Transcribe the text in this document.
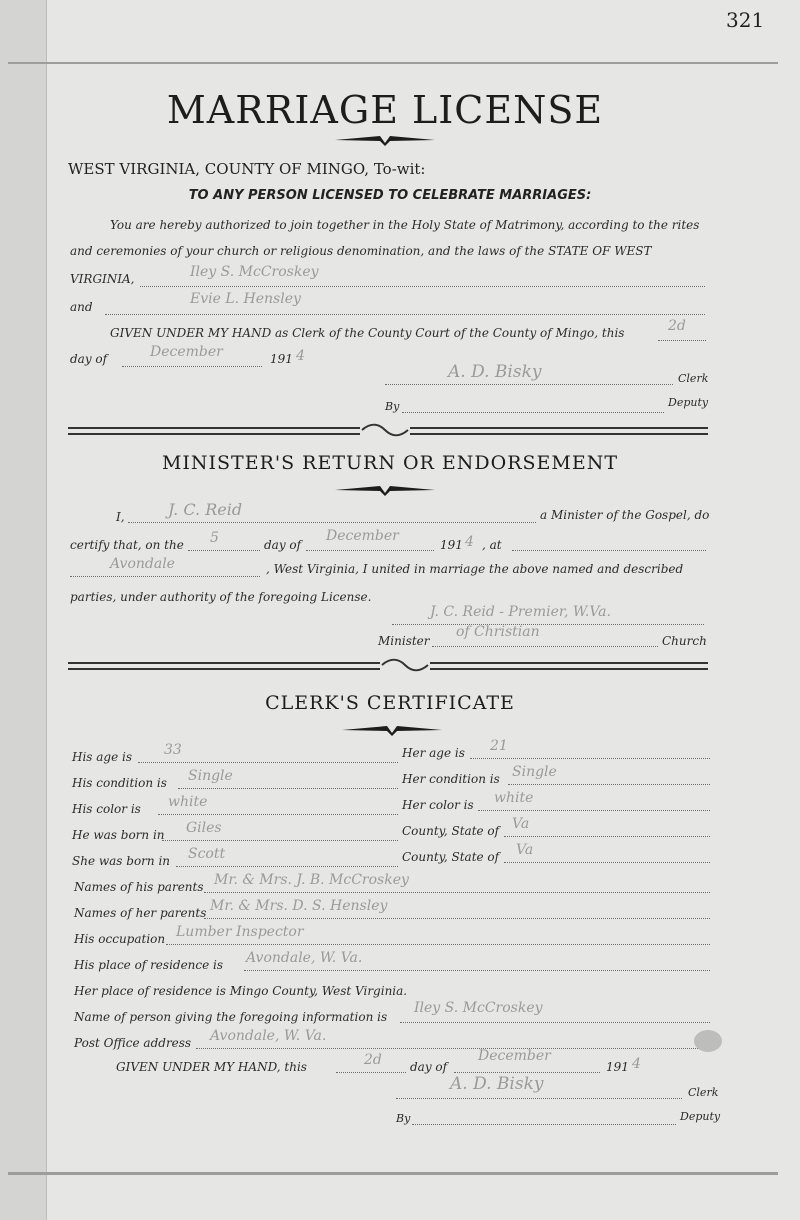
321
MARRIAGE LICENSE
WEST VIRGINIA, COUNTY OF MINGO, To-wit:
TO ANY PERSON LICENSED TO CELEBRATE MARRIAGES:
You are hereby authorized to join together in the Holy State of Matrimony, according to the rites
and ceremonies of your church or religious denomination, and the laws of the STATE OF WEST
VIRGINIA,	Iley S. McCroskey
and	Evie L. Hensley
GIVEN UNDER MY HAND as Clerk of the County Court of the County of Mingo, this	2d
day of	December	191 4
A. D. Bisky	Clerk
By	Deputy
MINISTER'S RETURN OR ENDORSEMENT
I,	J. C. Reid	a Minister of the Gospel, do
certify that, on the 5	day of
December
191 4 , at
Avondale	, West Virginia, I united in marriage the above named and described
parties, under authority of the foregoing License.
J. C. Reid - Premier, W.Va.
Minister
of Christian
Church
CLERK'S CERTIFICATE
His age is 33	Her age is 21
His condition is Single	Her condition is Single
His color is white	Her color is white
He was born in Giles	County, State of Va
She was born in Scott	County, State of Va
Names of his parents Mr. & Mrs. J. B. McCroskey
Names of her parents Mr. & Mrs. D. S. Hensley
His occupation Lumber Inspector
His place of residence is Avondale, W. Va.
Her place of residence is Mingo County, West Virginia.
Name of person giving the foregoing information is
Iley S. McCroskey
Post Office address Avondale, W. Va.
GIVEN UNDER MY HAND, this	2d day of
December
191 4
A. D. Bisky	Clerk
By	Deputy
